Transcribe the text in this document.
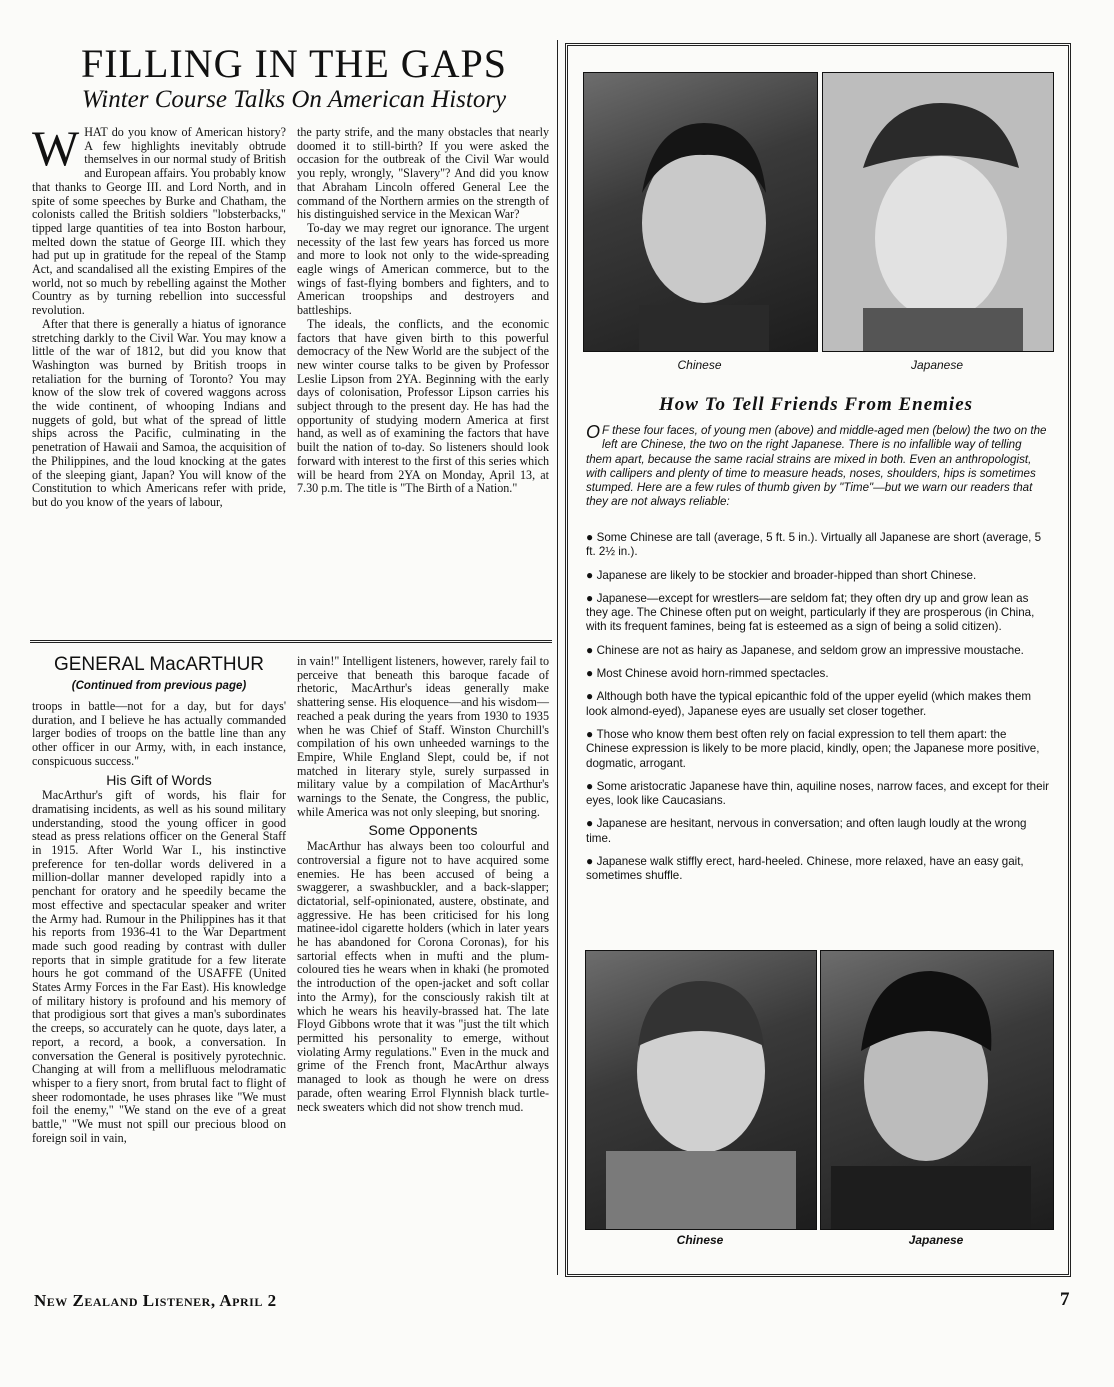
FILLING IN THE GAPS
Winter Course Talks On American History
W HAT do you know of American history? A few highlights inevitably obtrude themselves in our normal study of British and European affairs. You probably know that thanks to George III. and Lord North, and in spite of some speeches by Burke and Chatham, the colonists called the British soldiers "lobsterbacks," tipped large quantities of tea into Boston harbour, melted down the statue of George III. which they had put up in gratitude for the repeal of the Stamp Act, and scandalised all the existing Empires of the world, not so much by rebelling against the Mother Country as by turning rebellion into successful revolution.

After that there is generally a hiatus of ignorance stretching darkly to the Civil War. You may know a little of the war of 1812, but did you know that Washington was burned by British troops in retaliation for the burning of Toronto? You may know of the slow trek of covered waggons across the wide continent, of whooping Indians and nuggets of gold, but what of the spread of little ships across the Pacific, culminating in the penetration of Hawaii and Samoa, the acquisition of the Philippines, and the loud knocking at the gates of the sleeping giant, Japan? You will know of the Constitution to which Americans refer with pride, but do you know of the years of labour,

the party strife, and the many obstacles that nearly doomed it to still-birth? If you were asked the occasion for the outbreak of the Civil War would you reply, wrongly, "Slavery"? And did you know that Abraham Lincoln offered General Lee the command of the Northern armies on the strength of his distinguished service in the Mexican War?

To-day we may regret our ignorance. The urgent necessity of the last few years has forced us more and more to look not only to the wide-spreading eagle wings of American commerce, but to the wings of fast-flying bombers and fighters, and to American troopships and destroyers and battleships.

The ideals, the conflicts, and the economic factors that have given birth to this powerful democracy of the New World are the subject of the new winter course talks to be given by Professor Leslie Lipson from 2YA. Beginning with the early days of colonisation, Professor Lipson carries his subject through to the present day. He has had the opportunity of studying modern America at first hand, as well as of examining the factors that have built the nation of to-day. So listeners should look forward with interest to the first of this series which will be heard from 2YA on Monday, April 13, at 7.30 p.m. The title is "The Birth of a Nation."

GENERAL MacARTHUR
(Continued from previous page)

troops in battle—not for a day, but for days' duration, and I believe he has actually commanded larger bodies of troops on the battle line than any other officer in our Army, with, in each instance, conspicuous success."

His Gift of Words

MacArthur's gift of words, his flair for dramatising incidents, as well as his sound military understanding, stood the young officer in good stead as press relations officer on the General Staff in 1915. After World War I., his instinctive preference for ten-dollar words delivered in a million-dollar manner developed rapidly into a penchant for oratory and he speedily became the most effective and spectacular speaker and writer the Army had. Rumour in the Philippines has it that his reports from 1936-41 to the War Department made such good reading by contrast with duller reports that in simple gratitude for a few literate hours he got command of the USAFFE (United States Army Forces in the Far East). His knowledge of military history is profound and his memory of that prodigious sort that gives a man's subordinates the creeps, so accurately can he quote, days later, a report, a record, a book, a conversation. In conversation the General is positively pyrotechnic. Changing at will from a mellifluous melodramatic whisper to a fiery snort, from brutal fact to flight of sheer rodomontade, he uses phrases like "We must foil the enemy," "We stand on the eve of a great battle," "We must not spill our precious blood on foreign soil in vain,

in vain!" Intelligent listeners, however, rarely fail to perceive that beneath this baroque facade of rhetoric, MacArthur's ideas generally make shattering sense. His eloquence—and his wisdom—reached a peak during the years from 1930 to 1935 when he was Chief of Staff. Winston Churchill's compilation of his own unheeded warnings to the Empire, While England Slept, could be, if not matched in literary style, surely surpassed in military value by a compilation of MacArthur's warnings to the Senate, the Congress, the public, while America was not only sleeping, but snoring.

Some Opponents

MacArthur has always been too colourful and controversial a figure not to have acquired some enemies. He has been accused of being a swaggerer, a swashbuckler, and a back-slapper; dictatorial, self-opinionated, austere, obstinate, and aggressive. He has been criticised for his long matinee-idol cigarette holders (which in later years he has abandoned for Corona Coronas), for his sartorial effects when in mufti and the plum-coloured ties he wears when in khaki (he promoted the introduction of the open-jacket and soft collar into the Army), for the consciously rakish tilt at which he wears his heavily-brassed hat. The late Floyd Gibbons wrote that it was "just the tilt which permitted his personality to emerge, without violating Army regulations." Even in the muck and grime of the French front, MacArthur always managed to look as though he were on dress parade, often wearing Errol Flynnish black turtle-neck sweaters which did not show trench mud.

Chinese	Japanese
How To Tell Friends From Enemies
O F these four faces, of young men (above) and middle-aged men (below) the two on the left are Chinese, the two on the right Japanese. There is no infallible way of telling them apart, because the same racial strains are mixed in both. Even an anthropologist, with callipers and plenty of time to measure heads, noses, shoulders, hips is sometimes stumped. Here are a few rules of thumb given by "Time"—but we warn our readers that they are not always reliable:

● Some Chinese are tall (average, 5 ft. 5 in.). Virtually all Japanese are short (average, 5 ft. 2½ in.).

● Japanese are likely to be stockier and broader-hipped than short Chinese.

● Japanese—except for wrestlers—are seldom fat; they often dry up and grow lean as they age. The Chinese often put on weight, particularly if they are prosperous (in China, with its frequent famines, being fat is esteemed as a sign of being a solid citizen).

● Chinese are not as hairy as Japanese, and seldom grow an impressive moustache.

● Most Chinese avoid horn-rimmed spectacles.

● Although both have the typical epicanthic fold of the upper eyelid (which makes them look almond-eyed), Japanese eyes are usually set closer together.

● Those who know them best often rely on facial expression to tell them apart: the Chinese expression is likely to be more placid, kindly, open; the Japanese more positive, dogmatic, arrogant.

● Some aristocratic Japanese have thin, aquiline noses, narrow faces, and except for their eyes, look like Caucasians.

● Japanese are hesitant, nervous in conversation; and often laugh loudly at the wrong time.

● Japanese walk stiffly erect, hard-heeled. Chinese, more relaxed, have an easy gait, sometimes shuffle.

Chinese	Japanese
New Zealand Listener, April 2	7
